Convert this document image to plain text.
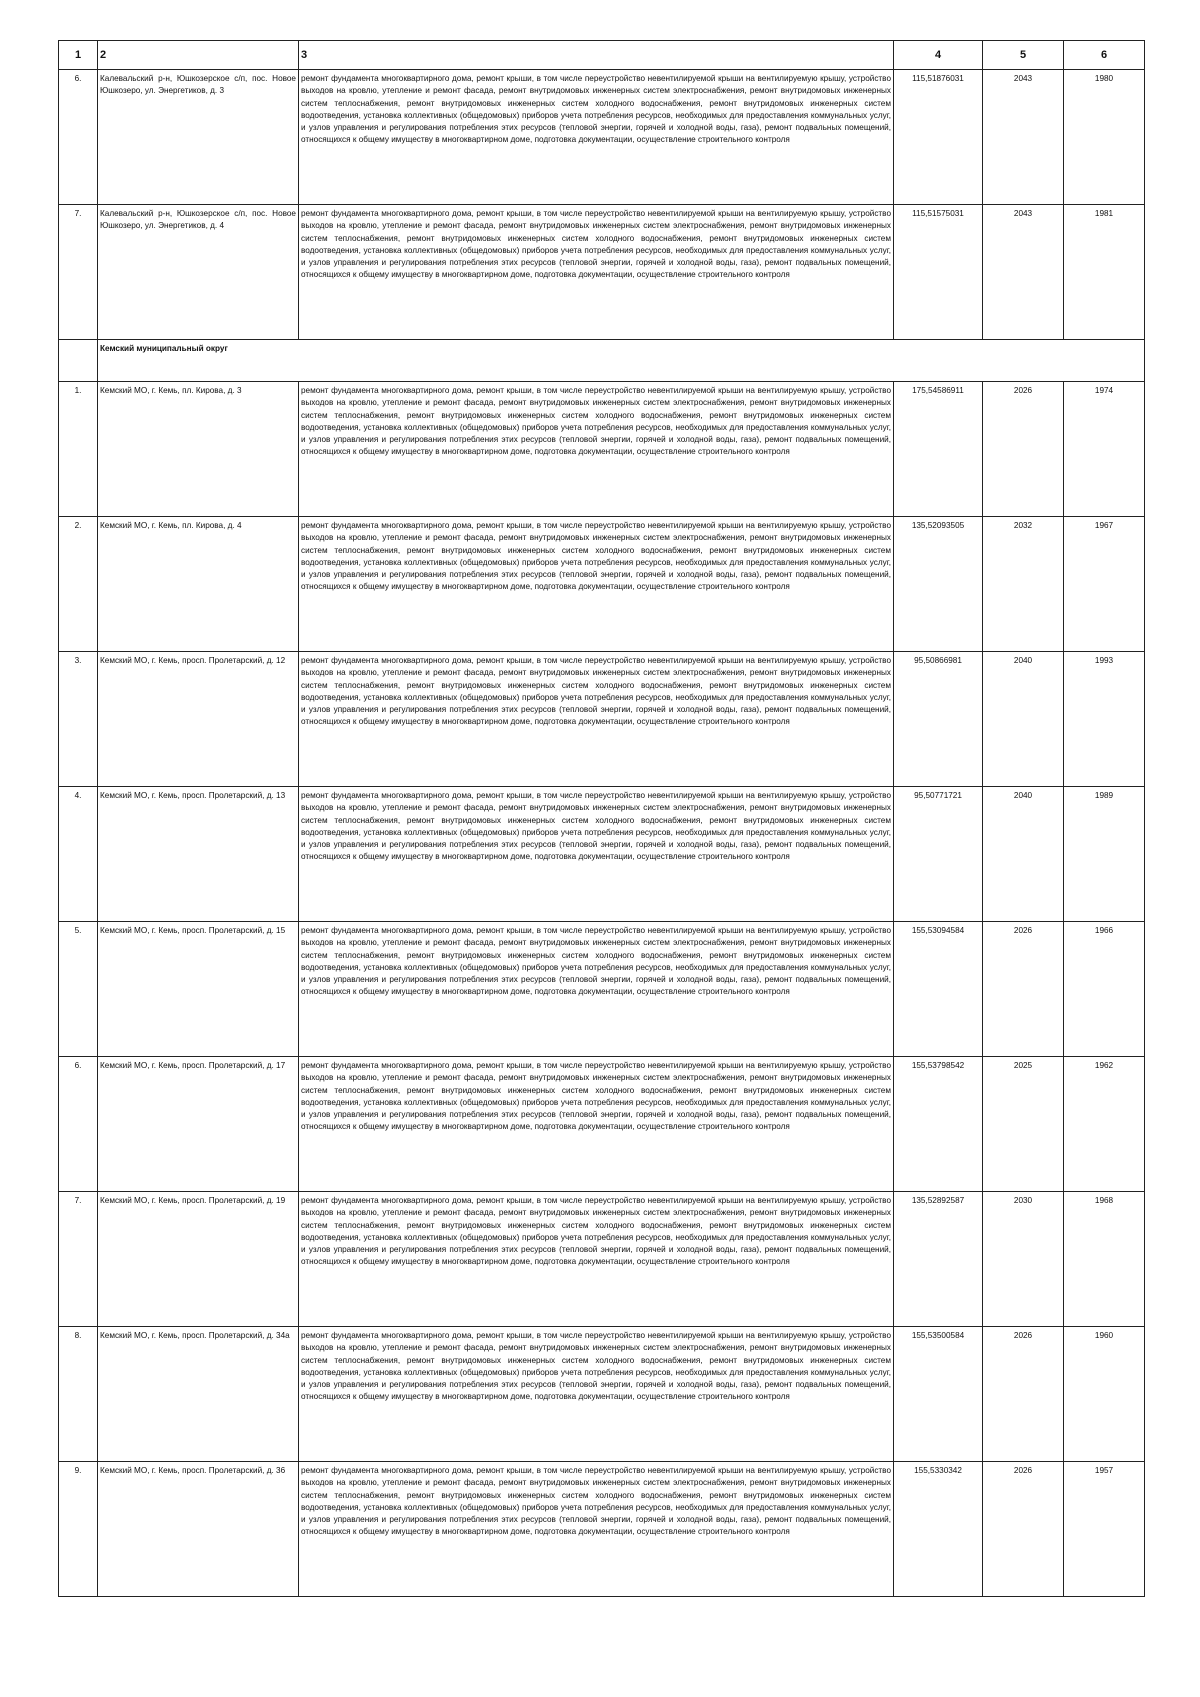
1	2	3	4	5	6
6.	Калевальский р-н, Юшкозерское с/п, пос. Новое Юшкозеро, ул. Энергетиков, д. 3	ремонт фундамента многоквартирного дома, ремонт крыши, в том числе переустройство невентилируемой крыши на вентилируемую крышу, устройство выходов на кровлю, утепление и ремонт фасада, ремонт внутридомовых инженерных систем электроснабжения, ремонт внутридомовых инженерных систем теплоснабжения, ремонт внутридомовых инженерных систем холодного водоснабжения, ремонт внутридомовых инженерных систем водоотведения, установка коллективных (общедомовых) приборов учета потребления ресурсов, необходимых для предоставления коммунальных услуг, и узлов управления и регулирования потребления этих ресурсов (тепловой энергии, горячей и холодной воды, газа), ремонт подвальных помещений, относящихся к общему имуществу в многоквартирном доме, подготовка документации, осуществление строительного контроля	115,51876031	2043	1980
7.	Калевальский р-н, Юшкозерское с/п, пос. Новое Юшкозеро, ул. Энергетиков, д. 4	ремонт фундамента многоквартирного дома, ремонт крыши, в том числе переустройство невентилируемой крыши на вентилируемую крышу, устройство выходов на кровлю, утепление и ремонт фасада, ремонт внутридомовых инженерных систем электроснабжения, ремонт внутридомовых инженерных систем теплоснабжения, ремонт внутридомовых инженерных систем холодного водоснабжения, ремонт внутридомовых инженерных систем водоотведения, установка коллективных (общедомовых) приборов учета потребления ресурсов, необходимых для предоставления коммунальных услуг, и узлов управления и регулирования потребления этих ресурсов (тепловой энергии, горячей и холодной воды, газа), ремонт подвальных помещений, относящихся к общему имуществу в многоквартирном доме, подготовка документации, осуществление строительного контроля	115,51575031	2043	1981
	Кемский муниципальный округ				
1.	Кемский МО, г. Кемь, пл. Кирова, д. 3	ремонт фундамента многоквартирного дома, ремонт крыши, в том числе переустройство невентилируемой крыши на вентилируемую крышу, устройство выходов на кровлю, утепление и ремонт фасада, ремонт внутридомовых инженерных систем электроснабжения, ремонт внутридомовых инженерных систем теплоснабжения, ремонт внутридомовых инженерных систем холодного водоснабжения, ремонт внутридомовых инженерных систем водоотведения, установка коллективных (общедомовых) приборов учета потребления ресурсов, необходимых для предоставления коммунальных услуг, и узлов управления и регулирования потребления этих ресурсов (тепловой энергии, горячей и холодной воды, газа), ремонт подвальных помещений, относящихся к общему имуществу в многоквартирном доме, подготовка документации, осуществление строительного контроля	175,54586911	2026	1974
2.	Кемский МО, г. Кемь, пл. Кирова, д. 4	ремонт фундамента многоквартирного дома, ремонт крыши, в том числе переустройство невентилируемой крыши на вентилируемую крышу, устройство выходов на кровлю, утепление и ремонт фасада, ремонт внутридомовых инженерных систем электроснабжения, ремонт внутридомовых инженерных систем теплоснабжения, ремонт внутридомовых инженерных систем холодного водоснабжения, ремонт внутридомовых инженерных систем водоотведения, установка коллективных (общедомовых) приборов учета потребления ресурсов, необходимых для предоставления коммунальных услуг, и узлов управления и регулирования потребления этих ресурсов (тепловой энергии, горячей и холодной воды, газа), ремонт подвальных помещений, относящихся к общему имуществу в многоквартирном доме, подготовка документации, осуществление строительного контроля	135,52093505	2032	1967
3.	Кемский МО, г. Кемь, просп. Пролетарский, д. 12	ремонт фундамента многоквартирного дома, ремонт крыши, в том числе переустройство невентилируемой крыши на вентилируемую крышу, устройство выходов на кровлю, утепление и ремонт фасада, ремонт внутридомовых инженерных систем электроснабжения, ремонт внутридомовых инженерных систем теплоснабжения, ремонт внутридомовых инженерных систем холодного водоснабжения, ремонт внутридомовых инженерных систем водоотведения, установка коллективных (общедомовых) приборов учета потребления ресурсов, необходимых для предоставления коммунальных услуг, и узлов управления и регулирования потребления этих ресурсов (тепловой энергии, горячей и холодной воды, газа), ремонт подвальных помещений, относящихся к общему имуществу в многоквартирном доме, подготовка документации, осуществление строительного контроля	95,50866981	2040	1993
4.	Кемский МО, г. Кемь, просп. Пролетарский, д. 13	ремонт фундамента многоквартирного дома, ремонт крыши, в том числе переустройство невентилируемой крыши на вентилируемую крышу, устройство выходов на кровлю, утепление и ремонт фасада, ремонт внутридомовых инженерных систем электроснабжения, ремонт внутридомовых инженерных систем теплоснабжения, ремонт внутридомовых инженерных систем холодного водоснабжения, ремонт внутридомовых инженерных систем водоотведения, установка коллективных (общедомовых) приборов учета потребления ресурсов, необходимых для предоставления коммунальных услуг, и узлов управления и регулирования потребления этих ресурсов (тепловой энергии, горячей и холодной воды, газа), ремонт подвальных помещений, относящихся к общему имуществу в многоквартирном доме, подготовка документации, осуществление строительного контроля	95,50771721	2040	1989
5.	Кемский МО, г. Кемь, просп. Пролетарский, д. 15	ремонт фундамента многоквартирного дома, ремонт крыши, в том числе переустройство невентилируемой крыши на вентилируемую крышу, устройство выходов на кровлю, утепление и ремонт фасада, ремонт внутридомовых инженерных систем электроснабжения, ремонт внутридомовых инженерных систем теплоснабжения, ремонт внутридомовых инженерных систем холодного водоснабжения, ремонт внутридомовых инженерных систем водоотведения, установка коллективных (общедомовых) приборов учета потребления ресурсов, необходимых для предоставления коммунальных услуг, и узлов управления и регулирования потребления этих ресурсов (тепловой энергии, горячей и холодной воды, газа), ремонт подвальных помещений, относящихся к общему имуществу в многоквартирном доме, подготовка документации, осуществление строительного контроля	155,53094584	2026	1966
6.	Кемский МО, г. Кемь, просп. Пролетарский, д. 17	ремонт фундамента многоквартирного дома, ремонт крыши, в том числе переустройство невентилируемой крыши на вентилируемую крышу, устройство выходов на кровлю, утепление и ремонт фасада, ремонт внутридомовых инженерных систем электроснабжения, ремонт внутридомовых инженерных систем теплоснабжения, ремонт внутридомовых инженерных систем холодного водоснабжения, ремонт внутридомовых инженерных систем водоотведения, установка коллективных (общедомовых) приборов учета потребления ресурсов, необходимых для предоставления коммунальных услуг, и узлов управления и регулирования потребления этих ресурсов (тепловой энергии, горячей и холодной воды, газа), ремонт подвальных помещений, относящихся к общему имуществу в многоквартирном доме, подготовка документации, осуществление строительного контроля	155,53798542	2025	1962
7.	Кемский МО, г. Кемь, просп. Пролетарский, д. 19	ремонт фундамента многоквартирного дома, ремонт крыши, в том числе переустройство невентилируемой крыши на вентилируемую крышу, устройство выходов на кровлю, утепление и ремонт фасада, ремонт внутридомовых инженерных систем электроснабжения, ремонт внутридомовых инженерных систем теплоснабжения, ремонт внутридомовых инженерных систем холодного водоснабжения, ремонт внутридомовых инженерных систем водоотведения, установка коллективных (общедомовых) приборов учета потребления ресурсов, необходимых для предоставления коммунальных услуг, и узлов управления и регулирования потребления этих ресурсов (тепловой энергии, горячей и холодной воды, газа), ремонт подвальных помещений, относящихся к общему имуществу в многоквартирном доме, подготовка документации, осуществление строительного контроля	135,52892587	2030	1968
8.	Кемский МО, г. Кемь, просп. Пролетарский, д. 34а	ремонт фундамента многоквартирного дома, ремонт крыши, в том числе переустройство невентилируемой крыши на вентилируемую крышу, устройство выходов на кровлю, утепление и ремонт фасада, ремонт внутридомовых инженерных систем электроснабжения, ремонт внутридомовых инженерных систем теплоснабжения, ремонт внутридомовых инженерных систем холодного водоснабжения, ремонт внутридомовых инженерных систем водоотведения, установка коллективных (общедомовых) приборов учета потребления ресурсов, необходимых для предоставления коммунальных услуг, и узлов управления и регулирования потребления этих ресурсов (тепловой энергии, горячей и холодной воды, газа), ремонт подвальных помещений, относящихся к общему имуществу в многоквартирном доме, подготовка документации, осуществление строительного контроля	155,53500584	2026	1960
9.	Кемский МО, г. Кемь, просп. Пролетарский, д. 36	ремонт фундамента многоквартирного дома, ремонт крыши, в том числе переустройство невентилируемой крыши на вентилируемую крышу, устройство выходов на кровлю, утепление и ремонт фасада, ремонт внутридомовых инженерных систем электроснабжения, ремонт внутридомовых инженерных систем теплоснабжения, ремонт внутридомовых инженерных систем холодного водоснабжения, ремонт внутридомовых инженерных систем водоотведения, установка коллективных (общедомовых) приборов учета потребления ресурсов, необходимых для предоставления коммунальных услуг, и узлов управления и регулирования потребления этих ресурсов (тепловой энергии, горячей и холодной воды, газа), ремонт подвальных помещений, относящихся к общему имуществу в многоквартирном доме, подготовка документации, осуществление строительного контроля	155,5330342	2026	1957
